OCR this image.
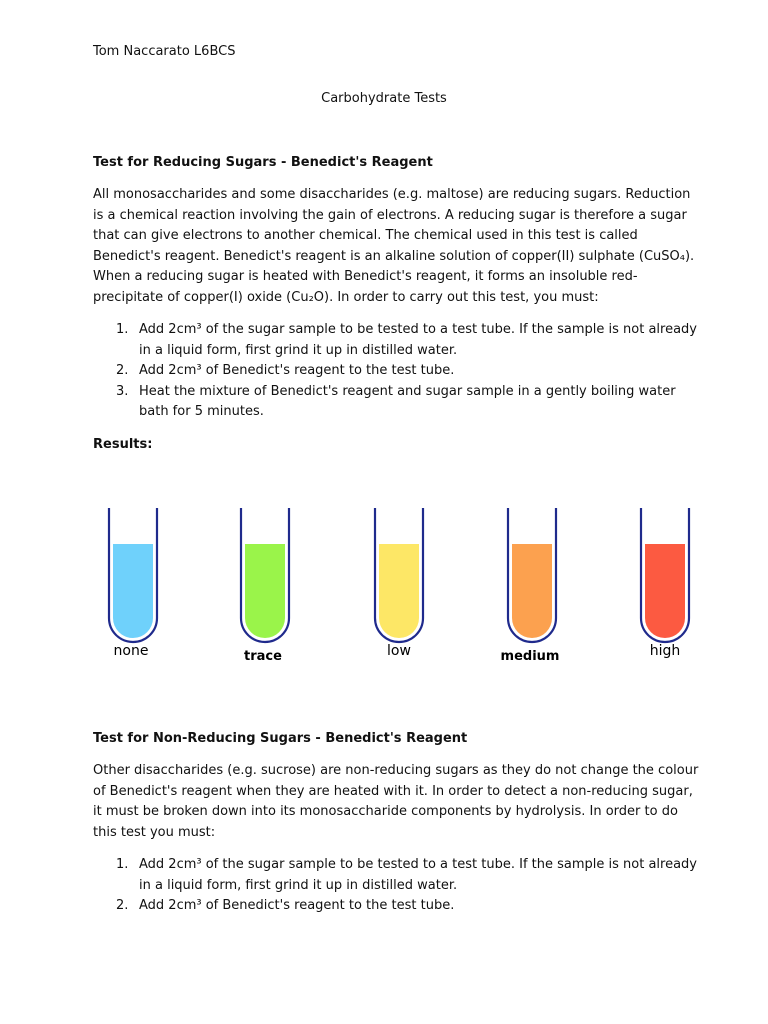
Tom Naccarato L6BCS

Carbohydrate Tests

Test for Reducing Sugars - Benedict's Reagent

All monosaccharides and some disaccharides (e.g. maltose) are reducing sugars. Reduction
is a chemical reaction involving the gain of electrons. A reducing sugar is therefore a sugar
that can give electrons to another chemical. The chemical used in this test is called
Benedict's reagent. Benedict's reagent is an alkaline solution of copper(II) sulphate (CuSO₄).
When a reducing sugar is heated with Benedict's reagent, it forms an insoluble red-
precipitate of copper(I) oxide (Cu₂O). In order to carry out this test, you must:

1. Add 2cm³ of the sugar sample to be tested to a test tube. If the sample is not already
in a liquid form, first grind it up in distilled water.
2. Add 2cm³ of Benedict's reagent to the test tube.
3. Heat the mixture of Benedict's reagent and sugar sample in a gently boiling water
bath for 5 minutes.

Results:

none	trace	low	medium	high

Test for Non-Reducing Sugars - Benedict's Reagent

Other disaccharides (e.g. sucrose) are non-reducing sugars as they do not change the colour
of Benedict's reagent when they are heated with it. In order to detect a non-reducing sugar,
it must be broken down into its monosaccharide components by hydrolysis. In order to do
this test you must:

1. Add 2cm³ of the sugar sample to be tested to a test tube. If the sample is not already
in a liquid form, first grind it up in distilled water.
2. Add 2cm³ of Benedict's reagent to the test tube.
